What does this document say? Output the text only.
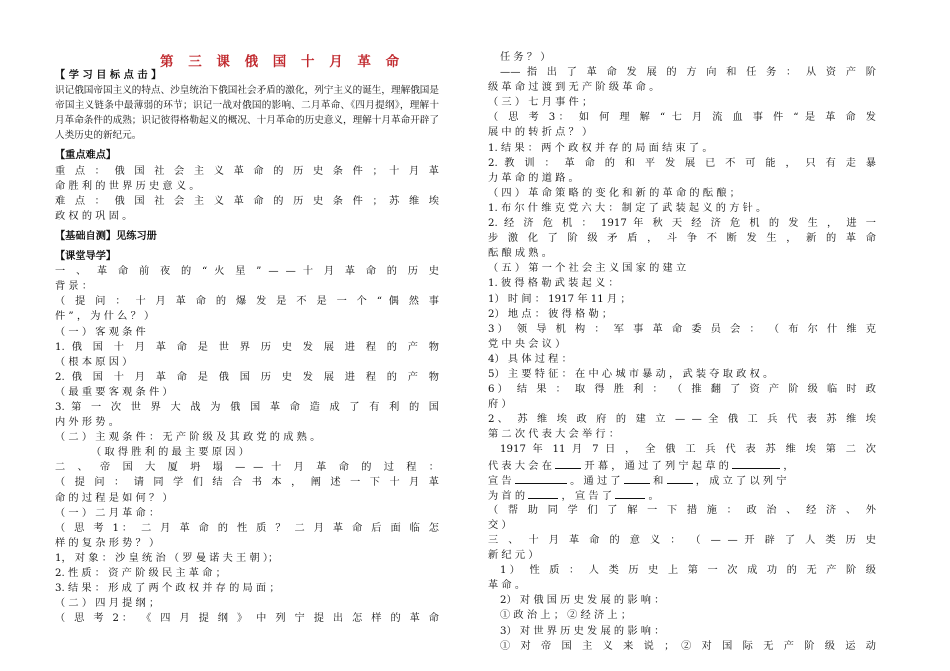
第 三 课 俄 国 十 月 革 命
【 学 习 目 标 点 击 】
识记俄国帝国主义的特点、沙皇统治下俄国社会矛盾的激化，列宁主义的诞生，理解俄国是
帝国主义链条中最薄弱的环节；识记一战对俄国的影响、二月革命、《四月提纲》，理解十
月革命条件的成熟；识记彼得格勒起义的概况、十月革命的历史意义，理解十月革命开辟了
人类历史的新纪元。
【重点难点】
重 点 ： 俄 国 社 会 主 义 革 命 的 历 史 条 件 ； 十 月 革
命 胜 利 的 世 界 历 史 意 义 。
难 点 ： 俄 国 社 会 主 义 革 命 的 历 史 条 件 ； 苏 维 埃
政 权 的 巩 固 。
【基础自测】见练习册
【课堂导学】
一 、 革 命 前 夜 的 “ 火 星 ” — — 十 月 革 命 的 历 史
背 景 ：
（ 提 问 ： 十 月 革 命 的 爆 发 是 不 是 一 个 “ 偶 然 事
件 ” ， 为 什 么 ？ ）
（ 一 ） 客 观 条 件
1. 俄 国 十 月 革 命 是 世 界 历 史 发 展 进 程 的 产 物
（ 根 本 原 因 ）
2. 俄 国 十 月 革 命 是 俄 国 历 史 发 展 进 程 的 产 物
（ 最 重 要 客 观 条 件 ）
3. 第 一 次 世 界 大 战 为 俄 国 革 命 造 成 了 有 利 的 国
内 外 形 势 。
（ 二 ） 主 观 条 件 ： 无 产 阶 级 及 其 政 党 的 成 熟 。
（ 取 得 胜 利 的 最 主 要 原 因 ）
二 、 帝 国 大 厦 坍 塌 — — 十 月 革 命 的 过 程 ：
（ 提 问 ： 请 同 学 们 结 合 书 本 ， 阐 述 一 下 十 月 革
命 的 过 程 是 如 何 ？ ）
（ 一 ） 二 月 革 命 ：
（ 思 考 1： 二 月 革 命 的 性 质 ？ 二 月 革 命 后 面 临 怎
样 的 复 杂 形 势 ？ ）
1， 对 象 ： 沙 皇 统 治 （ 罗 曼 诺 夫 王 朝 ）；
2. 性 质 ： 资 产 阶 级 民 主 革 命 ；
3. 结 果 ： 形 成 了 两 个 政 权 并 存 的 局 面 ；
（ 二 ） 四 月 提 纲 ；
（ 思 考 2： 《 四 月 提 纲 》 中 列 宁 提 出 怎 样 的 革 命
任 务 ？ ）
—— 指 出 了 革 命 发 展 的 方 向 和 任 务 ： 从 资 产 阶
级 革 命 过 渡 到 无 产 阶 级 革 命 。
（ 三 ） 七 月 事 件 ；
（ 思 考 3： 如 何 理 解 “ 七 月 流 血 事 件 “ 是 革 命 发
展 中 的 转 折 点 ？ ）
1. 结 果 ： 两 个 政 权 并 存 的 局 面 结 束 了 。
2. 教 训 ： 革 命 的 和 平 发 展 已 不 可 能 ， 只 有 走 暴
力 革 命 的 道 路 。
（ 四 ） 革 命 策 略 的 变 化 和 新 的 革 命 的 酝 酿 ；
1. 布 尔 什 维 克 党 六 大 ： 制 定 了 武 装 起 义 的 方 针 。
2. 经 济 危 机 ： 1917 年 秋 天 经 济 危 机 的 发 生 ， 进 一
步 激 化 了 阶 级 矛 盾 ， 斗 争 不 断 发 生 ， 新 的 革 命
酝 酿 成 熟 。
（ 五 ） 第 一 个 社 会 主 义 国 家 的 建 立
1. 彼 得 格 勒 武 装 起 义 ：
1） 时 间 ： 1917 年 11 月 ；
2） 地 点 ： 彼 得 格 勒 ；
3） 领 导 机 构 ： 军 事 革 命 委 员 会 ： （ 布 尔 什 维 克
党 中 央 会 议 ）
4） 具 体 过 程 ：
5） 主 要 特 征 ： 在 中 心 城 市 暴 动 ， 武 装 夺 取 政 权 。
6） 结 果 ： 取 得 胜 利 ： （ 推 翻 了 资 产 阶 级 临 时 政
府 ）
2、 苏 维 埃 政 府 的 建 立 — — 全 俄 工 兵 代 表 苏 维 埃
第 二 次 代 表 大 会 举 行 ：
1917 年 11 月 7 日 ， 全 俄 工 兵 代 表 苏 维 埃 第 二 次
代 表 大 会 在	开 幕 ， 通 过 了 列 宁 起 草 的	，
宣 告	。 通 过 了	和	， 成 立 了 以 列 宁
为 首 的	， 宣 告 了	。
（ 帮 助 同 学 们 了 解 一 下 措 施 ： 政 治 、 经 济 、 外
交 ）
三 、 十 月 革 命 的 意 义 ： （ — — 开 辟 了 人 类 历 史
新 纪 元 ）
1） 性 质 ： 人 类 历 史 上 第 一 次 成 功 的 无 产 阶 级
革 命 。
2） 对 俄 国 历 史 发 展 的 影 响 ：
① 政 治 上 ； ② 经 济 上 ；
3） 对 世 界 历 史 发 展 的 影 响 ：
① 对 帝 国 主 义 来 说 ； ② 对 国 际 无 产 阶 级 运 动
